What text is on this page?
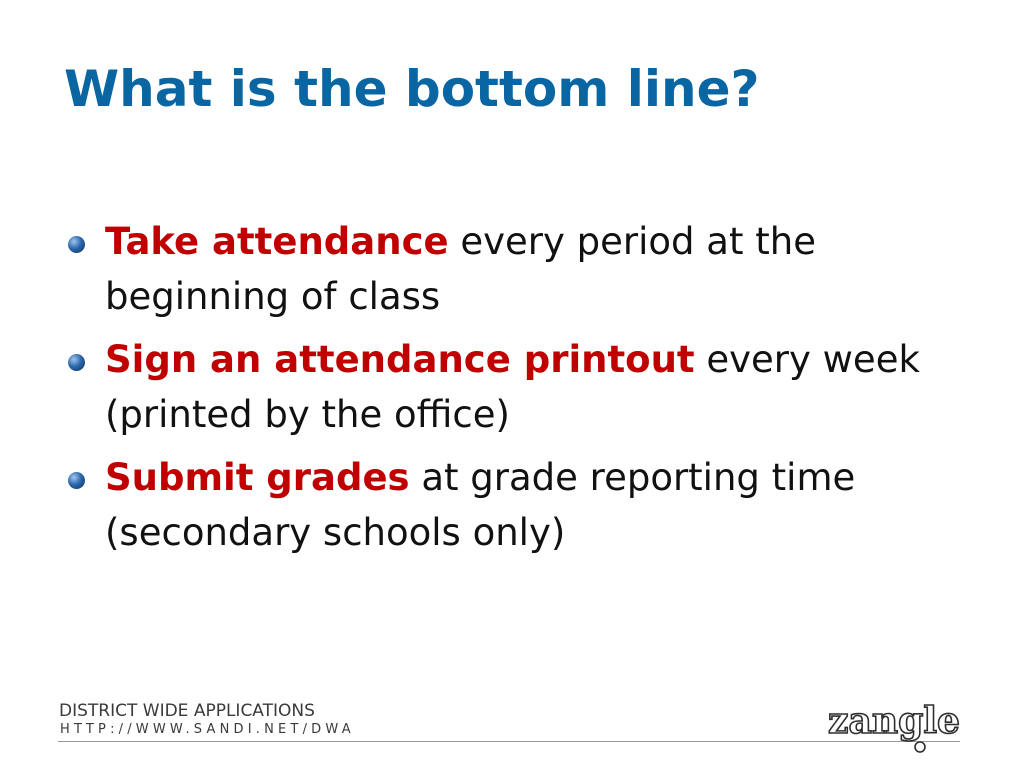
What is the bottom line?
Take attendance every period at the beginning of class
Sign an attendance printout every week (printed by the office)
Submit grades at grade reporting time (secondary schools only)
DISTRICT WIDE APPLICATIONS
HTTP://WWW.SANDI.NET/DWA	zangle
